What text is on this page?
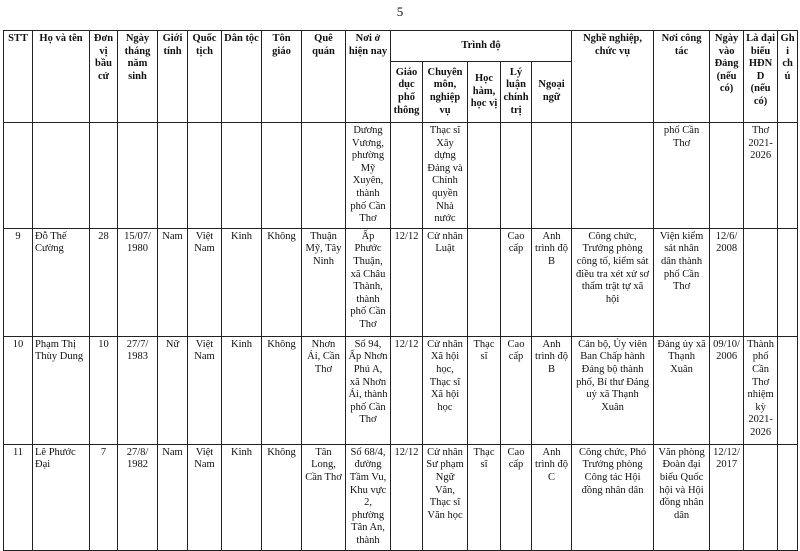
5
STT	Họ và tên	Đơn vị bầu cử	Ngày tháng năm sinh	Giới tính	Quốc tịch	Dân tộc	Tôn giáo	Quê quán	Nơi ở hiện nay	Trình độ					Nghề nghiệp, chức vụ	Nơi công tác	Ngày vào Đảng (nếu có)	Là đại biểu HĐND (nếu có)	Ghi chú
										Giáo dục phổ thông	Chuyên môn, nghiệp vụ	Học hàm, học vị	Lý luận chính trị	Ngoại ngữ					
									Dương Vương, phường Mỹ Xuyên, thành phố Cần Thơ		Thạc sĩ Xây dựng Đảng và Chính quyền Nhà nước					phố Cần Thơ		Thơ 2021-2026	
9	Đỗ Thế Cường	28	15/07/ 1980	Nam	Việt Nam	Kinh	Không	Thuận Mỹ, Tây Ninh	Ấp Phước Thuận, xã Châu Thành, thành phố Cần Thơ	12/12	Cử nhân Luật		Cao cấp	Anh trình độ B	Công chức, Trưởng phòng công tố, kiểm sát điều tra xét xử sơ thẩm trật tự xã hội	Viện kiểm sát nhân dân thành phố Cần Thơ	12/6/ 2008		
10	Phạm Thị Thùy Dung	10	27/7/ 1983	Nữ	Việt Nam	Kinh	Không	Nhơn Ái, Cần Thơ	Số 94, Ấp Nhơn Phú A, xã Nhơn Ái, thành phố Cần Thơ	12/12	Cử nhân Xã hội học, Thạc sĩ Xã hội học	Thạc sĩ	Cao cấp	Anh trình độ B	Cán bộ, Ủy viên Ban Chấp hành Đảng bộ thành phố, Bí thư Đảng uỷ xã Thạnh Xuân	Đảng ủy xã Thạnh Xuân	09/10/ 2006	Thành phố Cần Thơ nhiệm kỳ 2021-2026	
11	Lê Phước Đại	7	27/8/ 1982	Nam	Việt Nam	Kinh	Không	Tân Long, Cần Thơ	Số 68/4, đường Tầm Vu, Khu vực 2, phường Tân An, thành	12/12	Cử nhân Sư phạm Ngữ Văn, Thạc sĩ Văn học	Thạc sĩ	Cao cấp	Anh trình độ C	Công chức, Phó Trưởng phòng Công tác Hội đồng nhân dân	Văn phòng Đoàn đại biểu Quốc hội và Hội đồng nhân dân	12/12/ 2017		
